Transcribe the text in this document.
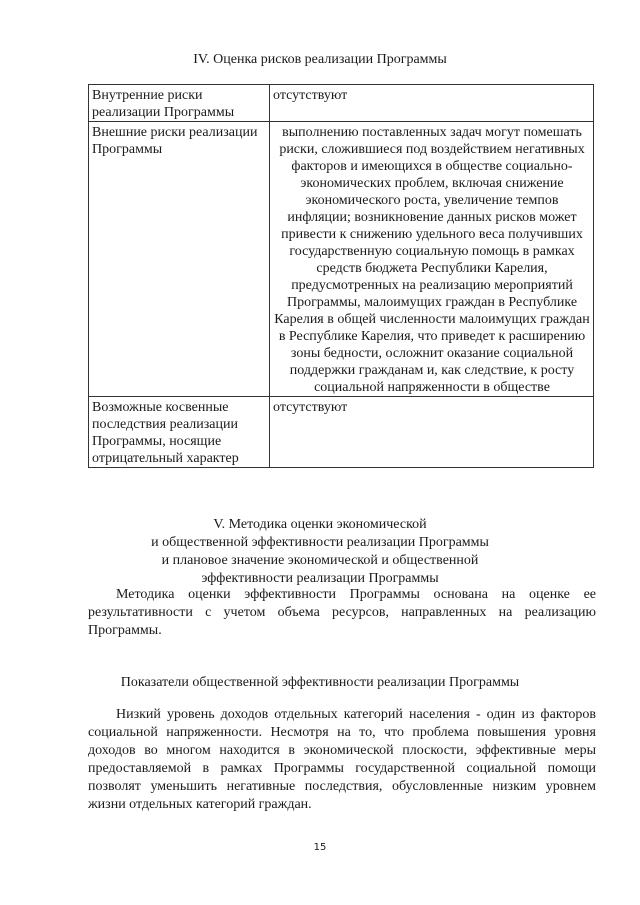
IV. Оценка рисков реализации Программы
Внутренние риски реализации Программы	отсутствуют
Внешние риски реализации Программы	выполнению поставленных задач могут помешать риски, сложившиеся под воздействием негативных факторов и имеющихся в обществе социально-экономических проблем, включая снижение экономического роста, увеличение темпов инфляции; возникновение данных рисков может привести к снижению удельного веса получивших государственную социальную помощь в рамках средств бюджета Республики Карелия, предусмотренных на реализацию мероприятий Программы, малоимущих граждан в Республике Карелия в общей численности малоимущих граждан в Республике Карелия, что приведет к расширению зоны бедности, осложнит оказание социальной поддержки гражданам и, как следствие, к росту социальной напряженности в обществе
Возможные косвенные последствия реализации Программы, носящие отрицательный характер	отсутствуют
V. Методика оценки экономической
и общественной эффективности реализации Программы
и плановое значение экономической и общественной
эффективности реализации Программы

Методика оценки эффективности Программы основана на оценке ее результативности с учетом объема ресурсов, направленных на реализацию Программы.

Показатели общественной эффективности реализации Программы

Низкий уровень доходов отдельных категорий населения - один из факторов социальной напряженности. Несмотря на то, что проблема повышения уровня доходов во многом находится в экономической плоскости, эффективные меры предоставляемой в рамках Программы государственной социальной помощи позволят уменьшить негативные последствия, обусловленные низким уровнем жизни отдельных категорий граждан.

15
